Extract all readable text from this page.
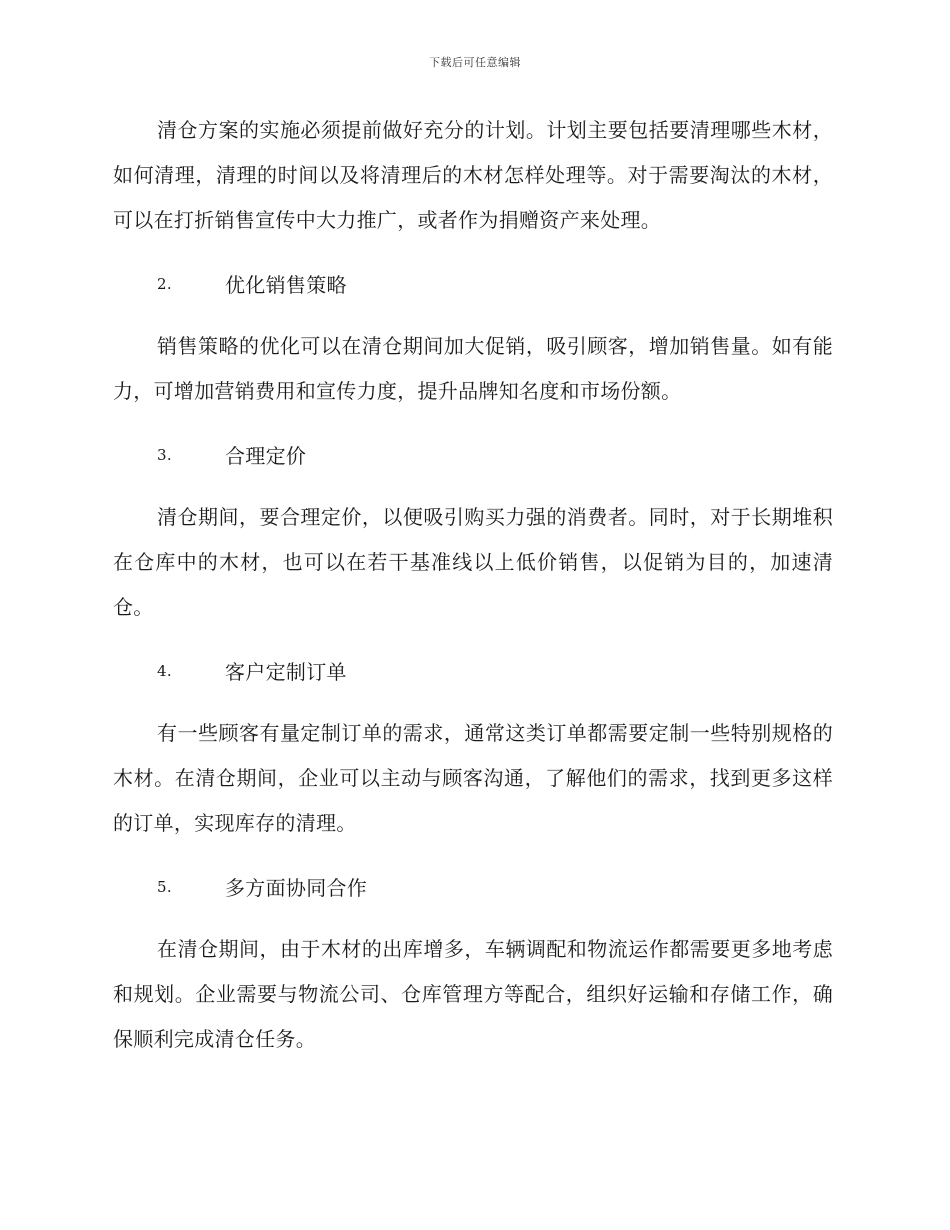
下载后可任意编辑

清仓方案的实施必须提前做好充分的计划。计划主要包括要清理哪些木材，如何清理，清理的时间以及将清理后的木材怎样处理等。对于需要淘汰的木材，可以在打折销售宣传中大力推广，或者作为捐赠资产来处理。

2.	优化销售策略

销售策略的优化可以在清仓期间加大促销，吸引顾客，增加销售量。如有能力，可增加营销费用和宣传力度，提升品牌知名度和市场份额。

3.	合理定价

清仓期间，要合理定价，以便吸引购买力强的消费者。同时，对于长期堆积在仓库中的木材，也可以在若干基准线以上低价销售，以促销为目的，加速清仓。

4.	客户定制订单

有一些顾客有量定制订单的需求，通常这类订单都需要定制一些特别规格的木材。在清仓期间，企业可以主动与顾客沟通，了解他们的需求，找到更多这样的订单，实现库存的清理。

5.	多方面协同合作

在清仓期间，由于木材的出库增多，车辆调配和物流运作都需要更多地考虑和规划。企业需要与物流公司、仓库管理方等配合，组织好运输和存储工作，确保顺利完成清仓任务。
